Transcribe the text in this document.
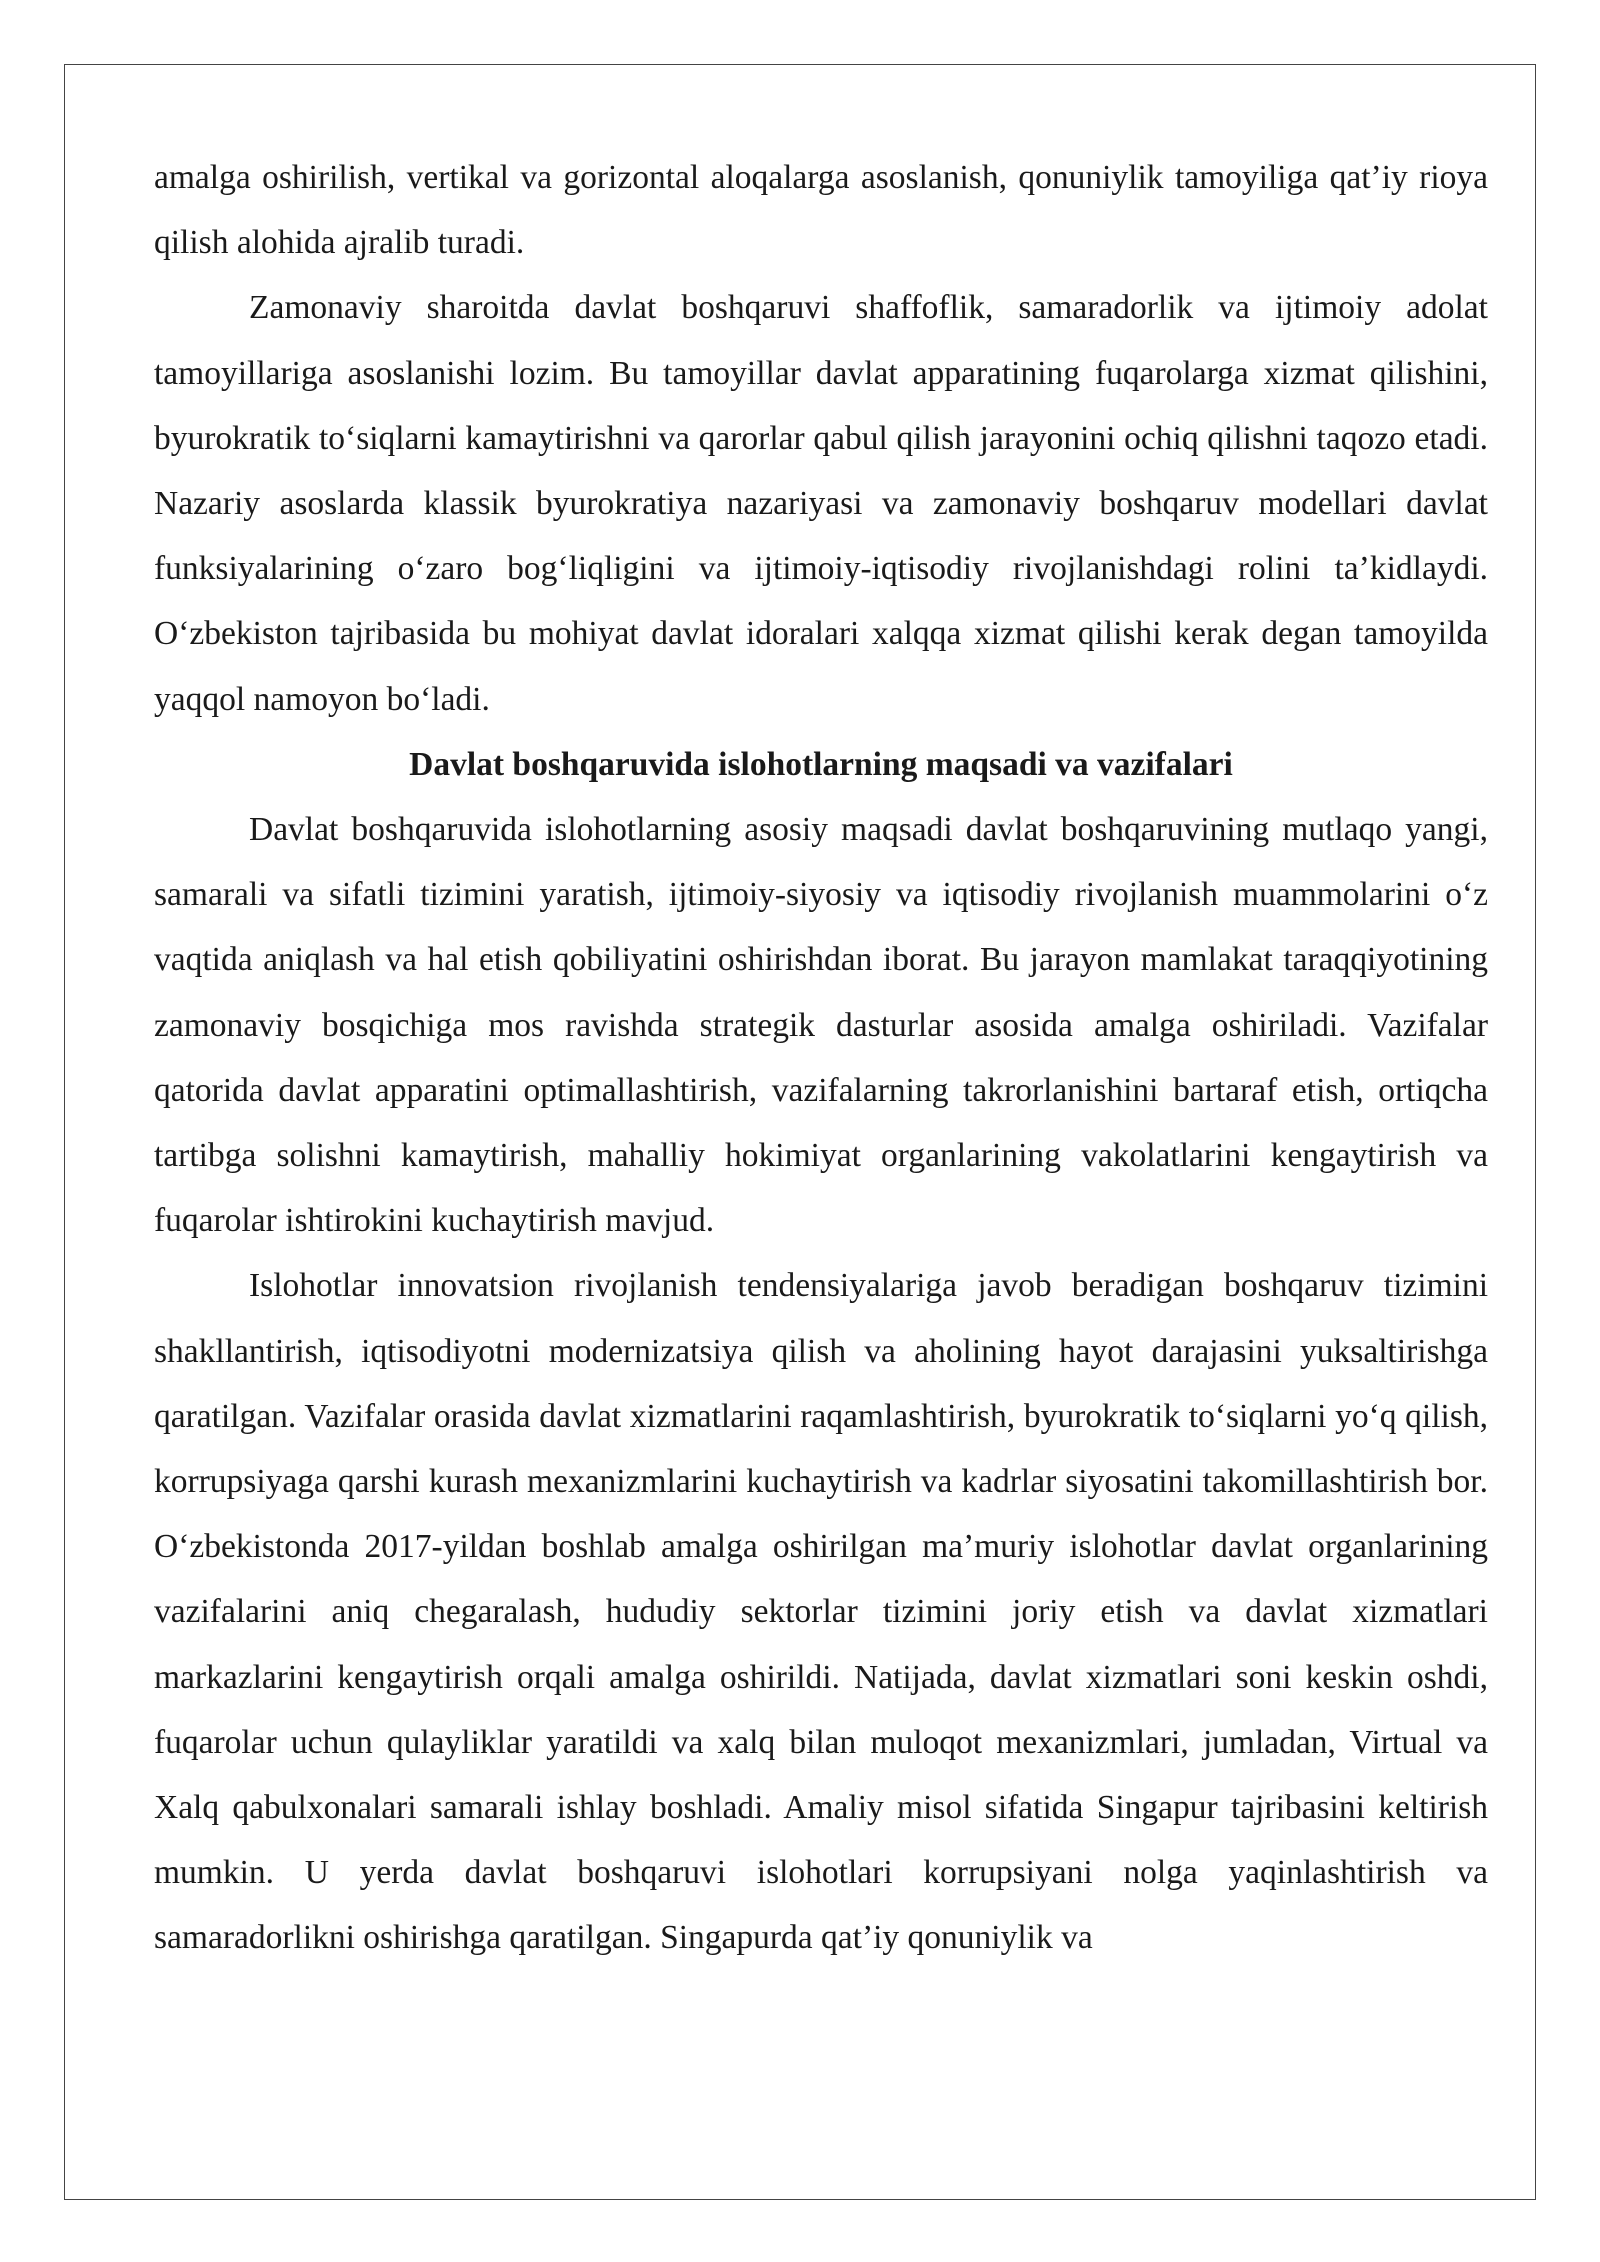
amalga oshirilish, vertikal va gorizontal aloqalarga asoslanish, qonuniylik tamoyiliga qat’iy rioya qilish alohida ajralib turadi.

Zamonaviy sharoitda davlat boshqaruvi shaffoflik, samaradorlik va ijtimoiy adolat tamoyillariga asoslanishi lozim. Bu tamoyillar davlat apparatining fuqarolarga xizmat qilishini, byurokratik to‘siqlarni kamaytirishni va qarorlar qabul qilish jarayonini ochiq qilishni taqozo etadi. Nazariy asoslarda klassik byurokratiya nazariyasi va zamonaviy boshqaruv modellari davlat funksiyalarining o‘zaro bog‘liqligini va ijtimoiy-iqtisodiy rivojlanishdagi rolini ta’kidlaydi. O‘zbekiston tajribasida bu mohiyat davlat idoralari xalqqa xizmat qilishi kerak degan tamoyilda yaqqol namoyon bo‘ladi.

Davlat boshqaruvida islohotlarning maqsadi va vazifalari

Davlat boshqaruvida islohotlarning asosiy maqsadi davlat boshqaruvining mutlaqo yangi, samarali va sifatli tizimini yaratish, ijtimoiy-siyosiy va iqtisodiy rivojlanish muammolarini o‘z vaqtida aniqlash va hal etish qobiliyatini oshirishdan iborat. Bu jarayon mamlakat taraqqiyotining zamonaviy bosqichiga mos ravishda strategik dasturlar asosida amalga oshiriladi. Vazifalar qatorida davlat apparatini optimallashtirish, vazifalarning takrorlanishini bartaraf etish, ortiqcha tartibga solishni kamaytirish, mahalliy hokimiyat organlarining vakolatlarini kengaytirish va fuqarolar ishtirokini kuchaytirish mavjud.

Islohotlar innovatsion rivojlanish tendensiyalariga javob beradigan boshqaruv tizimini shakllantirish, iqtisodiyotni modernizatsiya qilish va aholining hayot darajasini yuksaltirishga qaratilgan. Vazifalar orasida davlat xizmatlarini raqamlashtirish, byurokratik to‘siqlarni yo‘q qilish, korrupsiyaga qarshi kurash mexanizmlarini kuchaytirish va kadrlar siyosatini takomillashtirish bor. O‘zbekistonda 2017-yildan boshlab amalga oshirilgan ma’muriy islohotlar davlat organlarining vazifalarini aniq chegaralash, hududiy sektorlar tizimini joriy etish va davlat xizmatlari markazlarini kengaytirish orqali amalga oshirildi. Natijada, davlat xizmatlari soni keskin oshdi, fuqarolar uchun qulayliklar yaratildi va xalq bilan muloqot mexanizmlari, jumladan, Virtual va Xalq qabulxonalari samarali ishlay boshladi. Amaliy misol sifatida Singapur tajribasini keltirish mumkin. U yerda davlat boshqaruvi islohotlari korrupsiyani nolga yaqinlashtirish va samaradorlikni oshirishga qaratilgan. Singapurda qat’iy qonuniylik va
